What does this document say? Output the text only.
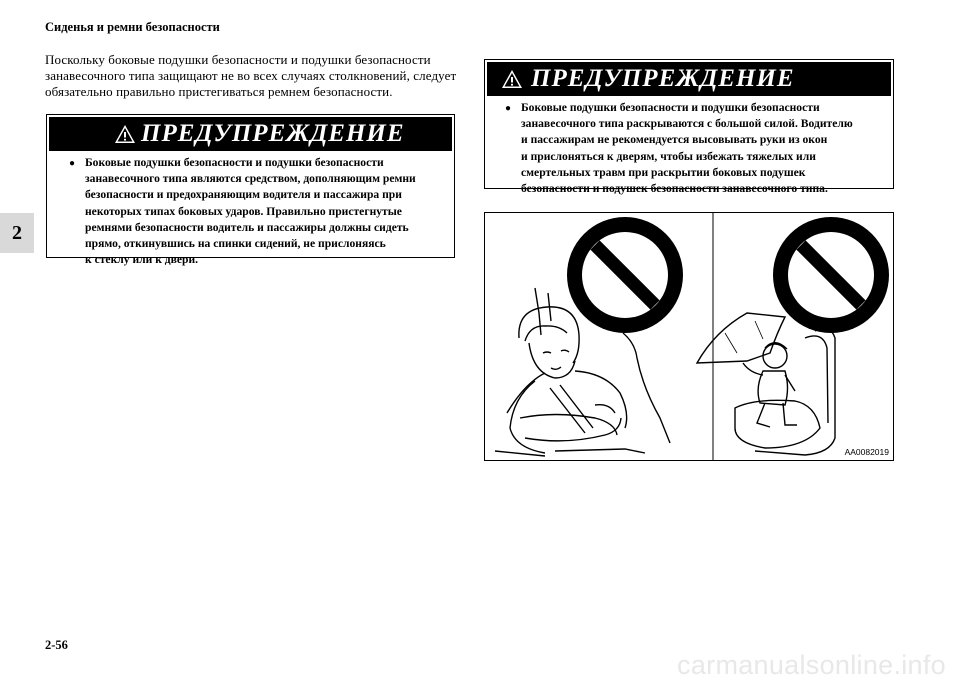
Сиденья и ремни безопасности
2
Поскольку боковые подушки безопасности и подушки безопасности занавесочного типа защищают не во всех случаях столкновений, следует обязательно правильно пристегиваться ремнем безопасности.
ПРЕДУПРЕЖДЕНИЕ
● Боковые подушки безопасности и подушки безопасности
занавесочного типа являются средством, дополняющим ремни
безопасности и предохраняющим водителя и пассажира при
некоторых типах боковых ударов. Правильно пристегнутые
ремнями безопасности водитель и пассажиры должны сидеть
прямо, откинувшись на спинки сидений, не прислоняясь
к стеклу или к двери.
ПРЕДУПРЕЖДЕНИЕ
● Боковые подушки безопасности и подушки безопасности
занавесочного типа раскрываются с большой силой. Водителю
и пассажирам не рекомендуется высовывать руки из окон
и прислоняться к дверям, чтобы избежать тяжелых или
смертельных травм при раскрытии боковых подушек
безопасности и подушек безопасности занавесочного типа.
AA0082019
2-56
carmanualsonline.info
